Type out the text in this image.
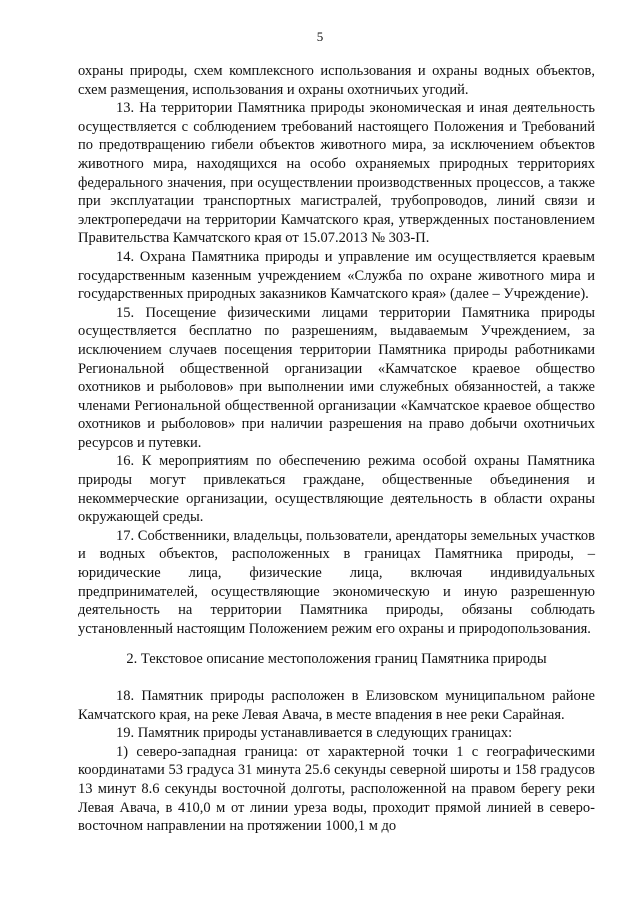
5

охраны природы, схем комплексного использования и охраны водных объектов, схем размещения, использования и охраны охотничьих угодий.

13. На территории Памятника природы экономическая и иная деятельность осуществляется с соблюдением требований настоящего Положения и Требований по предотвращению гибели объектов животного мира, за исключением объектов животного мира, находящихся на особо охраняемых природных территориях федерального значения, при осуществлении производственных процессов, а также при эксплуатации транспортных магистралей, трубопроводов, линий связи и электропередачи на территории Камчатского края, утвержденных постановлением Правительства Камчатского края от 15.07.2013 № 303-П.

14. Охрана Памятника природы и управление им осуществляется краевым государственным казенным учреждением «Служба по охране животного мира и государственных природных заказников Камчатского края» (далее – Учреждение).

15. Посещение физическими лицами территории Памятника природы осуществляется бесплатно по разрешениям, выдаваемым Учреждением, за исключением случаев посещения территории Памятника природы работниками Региональной общественной организации «Камчатское краевое общество охотников и рыболовов» при выполнении ими служебных обязанностей, а также членами Региональной общественной организации «Камчатское краевое общество охотников и рыболовов» при наличии разрешения на право добычи охотничьих ресурсов и путевки.

16. К мероприятиям по обеспечению режима особой охраны Памятника природы могут привлекаться граждане, общественные объединения и некоммерческие организации, осуществляющие деятельность в области охраны окружающей среды.

17. Собственники, владельцы, пользователи, арендаторы земельных участков и водных объектов, расположенных в границах Памятника природы, – юридические лица, физические лица, включая индивидуальных предпринимателей, осуществляющие экономическую и иную разрешенную деятельность на территории Памятника природы, обязаны соблюдать установленный настоящим Положением режим его охраны и природопользования.

2. Текстовое описание местоположения границ Памятника природы

18. Памятник природы расположен в Елизовском муниципальном районе Камчатского края, на реке Левая Авача, в месте впадения в нее реки Сарайная.

19. Памятник природы устанавливается в следующих границах:

1) северо-западная граница: от характерной точки 1 с географическими координатами 53 градуса 31 минута 25.6 секунды северной широты и 158 градусов 13 минут 8.6 секунды восточной долготы, расположенной на правом берегу реки Левая Авача, в 410,0 м от линии уреза воды, проходит прямой линией в северо-восточном направлении на протяжении 1000,1 м до
